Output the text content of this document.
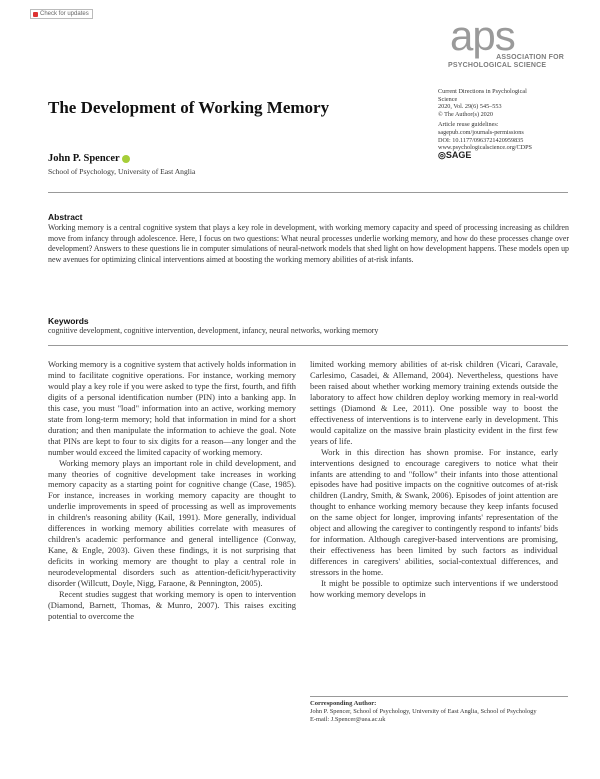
Check for updates	aps
ASSOCIATION FOR
PSYCHOLOGICAL SCIENCE
The Development of Working Memory
Current Directions in Psychological
Science
2020, Vol. 29(6) 545–553
© The Author(s) 2020
Article reuse guidelines:
sagepub.com/journals-permissions
DOI: 10.1177/0963721420959835
www.psychologicalscience.org/CDPS
◎SAGE
John P. Spencer
School of Psychology, University of East Anglia
Abstract
Working memory is a central cognitive system that plays a key role in development, with working memory capacity and speed of processing increasing as children move from infancy through adolescence. Here, I focus on two questions: What neural processes underlie working memory, and how do these processes change over development? Answers to these questions lie in computer simulations of neural-network models that shed light on how development happens. These models open up new avenues for optimizing clinical interventions aimed at boosting the working memory abilities of at-risk infants.
Keywords
cognitive development, cognitive intervention, development, infancy, neural networks, working memory

Working memory is a cognitive system that actively holds information in mind to facilitate cognitive operations. For instance, working memory would play a key role if you were asked to type the first, fourth, and fifth digits of a personal identification number (PIN) into a banking app. In this case, you must "load" information into an active, working memory state from long-term memory; hold that information in mind for a short duration; and then manipulate the information to achieve the goal. Note that PINs are kept to four to six digits for a reason—any longer and the number would exceed the limited capacity of working memory.

Working memory plays an important role in child development, and many theories of cognitive development take increases in working memory capacity as a starting point for cognitive change (Case, 1985). For instance, increases in working memory capacity are thought to underlie improvements in speed of processing as well as improvements in children's reasoning ability (Kail, 1991). More generally, individual differences in working memory abilities correlate with measures of children's academic performance and general intelligence (Conway, Kane, & Engle, 2003). Given these findings, it is not surprising that deficits in working memory are thought to play a central role in neurodevelopmental disorders such as attention-deficit/hyperactivity disorder (Willcutt, Doyle, Nigg, Faraone, & Pennington, 2005).

Recent studies suggest that working memory is open to intervention (Diamond, Barnett, Thomas, & Munro, 2007). This raises exciting potential to overcome the

limited working memory abilities of at-risk children (Vicari, Caravale, Carlesimo, Casadei, & Allemand, 2004). Nevertheless, questions have been raised about whether working memory training extends outside the laboratory to affect how children deploy working memory in real-world settings (Diamond & Lee, 2011). One possible way to boost the effectiveness of interventions is to intervene early in development. This would capitalize on the massive brain plasticity evident in the first few years of life.

Work in this direction has shown promise. For instance, early interventions designed to encourage caregivers to notice what their infants are attending to and "follow" their infants into those attentional episodes have had positive impacts on the cognitive outcomes of at-risk children (Landry, Smith, & Swank, 2006). Episodes of joint attention are thought to enhance working memory because they keep infants focused on the same object for longer, improving infants' representation of the object and allowing the caregiver to contingently respond to infants' bids for information. Although caregiver-based interventions are promising, their effectiveness has been limited by such factors as individual differences in caregivers' abilities, social-contextual differences, and stressors in the home.

It might be possible to optimize such interventions if we understood how working memory develops in

Corresponding Author:
John P. Spencer, School of Psychology, University of East Anglia, School of Psychology
E-mail: J.Spencer@uea.ac.uk
